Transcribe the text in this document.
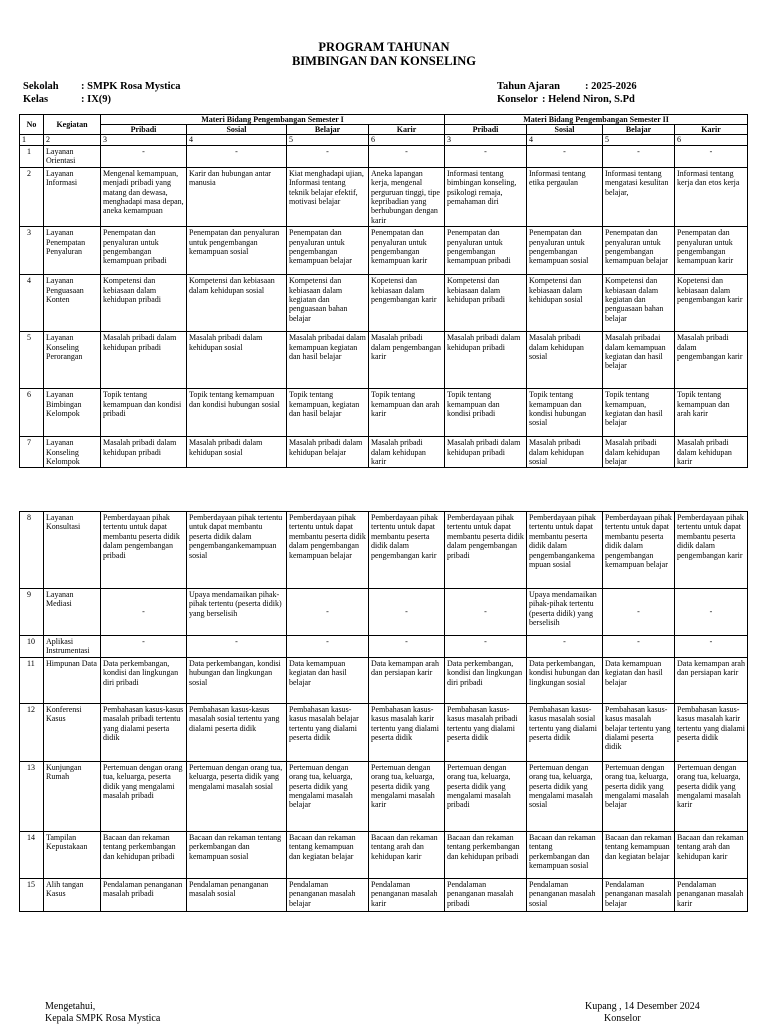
PROGRAM TAHUNAN
BIMBINGAN DAN KONSELING
Sekolah : SMPK Rosa Mystica
Kelas	: IX(9)
Tahun Ajaran : 2025-2026
Konselor : Helend Niron, S.Pd
No	Kegiatan	Materi Bidang Pengembangan Semester I				Materi Bidang Pengembangan Semester II			
		Pribadi	Sosial	Belajar	Karir	Pribadi	Sosial	Belajar	Karir
1	2	3	4	5	6	3	4	5	6
1	Layanan Orientasi	-	-	-	-	-	-	-	-
2	Layanan Informasi	Mengenal kemampuan, menjadi pribadi yang matang dan dewasa, menghadapi masa depan, aneka kemampuan	Karir dan hubungan antar manusia	Kiat menghadapi ujian, Informasi tentang teknik belajar efektif, motivasi belajar	Aneka lapangan kerja, mengenal perguruan tinggi, tipe kepribadian yang berhubungan dengan karir	Informasi tentang bimbingan konseling, psikologi remaja, pemahaman diri	Informasi tentang etika pergaulan	Informasi tentang mengatasi kesulitan belajar,	Informasi tentang kerja dan etos kerja
3	Layanan Penempatan Penyaluran	Penempatan dan penyaluran untuk pengembangan kemampuan pribadi	Penempatan dan penyaluran untuk pengembangan kemampuan sosial	Penempatan dan penyaluran untuk pengembangan kemampuan belajar	Penempatan dan penyaluran untuk pengembangan kemampuan karir	Penempatan dan penyaluran untuk pengembangan kemampuan pribadi	Penempatan dan penyaluran untuk pengembangan kemampuan sosial	Penempatan dan penyaluran untuk pengembangan kemampuan belajar	Penempatan dan penyaluran untuk pengembangan kemampuan karir
4	Layanan Penguasaan Konten	Kompetensi dan kebiasaan dalam kehidupan pribadi	Kompetensi dan kebiasaan dalam kehidupan sosial	Kompetensi dan kebiasaan dalam kegiatan dan penguasaan bahan belajar	Kopetensi dan kebiasaan dalam pengembangan karir	Kompetensi dan kebiasaan dalam kehidupan pribadi	Kompetensi dan kebiasaan dalam kehidupan sosial	Kompetensi dan kebiasaan dalam kegiatan dan penguasaan bahan belajar	Kopetensi dan kebiasaan dalam pengembangan karir
5	Layanan Konseling Perorangan	Masalah pribadi dalam kehidupan pribadi	Masalah pribadi dalam kehidupan sosial	Masalah pribadai dalam kemampuan kegiatan dan hasil belajar	Masalah pribadi dalam pengembangan karir	Masalah pribadi dalam kehidupan pribadi	Masalah pribadi dalam kehidupan sosial	Masalah pribadai dalam kemampuan kegiatan dan hasil belajar	Masalah pribadi dalam pengembangan karir
6	Layanan Bimbingan Kelompok	Topik tentang kemampuan dan kondisi pribadi	Topik tentang kemampuan dan kondisi hubungan sosial	Topik tentang kemampuan, kegiatan dan hasil belajar	Topik tentang kemampuan dan arah karir	Topik tentang kemampuan dan kondisi pribadi	Topik tentang kemampuan dan kondisi hubungan sosial	Topik tentang kemampuan, kegiatan dan hasil belajar	Topik tentang kemampuan dan arah karir
7	Layanan Konseling Kelompok	Masalah pribadi dalam kehidupan pribadi	Masalah pribadi dalam kehidupan sosial	Masalah pribadi dalam kehidupan belajar	Masalah pribadi dalam kehidupan karir	Masalah pribadi dalam kehidupan pribadi	Masalah pribadi dalam kehidupan sosial	Masalah pribadi dalam kehidupan belajar	Masalah pribadi dalam kehidupan karir
8	Layanan Konsultasi	Pemberdayaan pihak tertentu untuk dapat membantu peserta didik dalam pengembangan pribadi	Pemberdayaan pihak tertentu untuk dapat membantu peserta didik dalam pengembangankemampuan sosial	Pemberdayaan pihak tertentu untuk dapat membantu peserta didik dalam pengembangan kemampuan belajar	Pemberdayaan pihak tertentu untuk dapat membantu peserta didik dalam pengembangan karir	Pemberdayaan pihak tertentu untuk dapat membantu peserta didik dalam pengembangan pribadi	Pemberdayaan pihak tertentu untuk dapat membantu peserta didik dalam pengembangankema mpuan sosial	Pemberdayaan pihak tertentu untuk dapat membantu peserta didik dalam pengembangan kemampuan belajar	Pemberdayaan pihak tertentu untuk dapat membantu peserta didik dalam pengembangan karir
9	Layanan Mediasi	-	Upaya mendamaikan pihak-pihak tertentu (peserta didik) yang berselisih	-	-	-	Upaya mendamaikan pihak-pihak tertentu (peserta didik) yang berselisih	-	-
10	Aplikasi Instrumentasi	-	-	-	-	-	-	-	-
11	Himpunan Data	Data perkembangan, kondisi dan lingkungan diri pribadi	Data perkembangan, kondisi hubungan dan lingkungan sosial	Data kemampuan kegiatan dan hasil belajar	Data kemampan arah dan persiapan karir	Data perkembangan, kondisi dan lingkungan diri pribadi	Data perkembangan, kondisi hubungan dan lingkungan sosial	Data kemampuan kegiatan dan hasil belajar	Data kemampan arah dan persiapan karir
12	Konferensi Kasus	Pembahasan kasus-kasus masalah pribadi tertentu yang dialami peserta didik	Pembahasan kasus-kasus masalah sosial tertentu yang dialami peserta didik	Pembahasan kasus-kasus masalah belajar tertentu yang dialami peserta didik	Pembahasan kasus-kasus masalah karir tertentu yang dialami peserta didik	Pembahasan kasus-kasus masalah pribadi tertentu yang dialami peserta didik	Pembahasan kasus-kasus masalah sosial tertentu yang dialami peserta didik	Pembahasan kasus-kasus masalah belajar tertentu yang dialami peserta didik	Pembahasan kasus-kasus masalah karir tertentu yang dialami peserta didik
13	Kunjungan Rumah	Pertemuan dengan orang tua, keluarga, peserta didik yang mengalami masalah pribadi	Pertemuan dengan orang tua, keluarga, peserta didik yang mengalami masalah sosial	Pertemuan dengan orang tua, keluarga, peserta didik yang mengalami masalah belajar	Pertemuan dengan orang tua, keluarga, peserta didik yang mengalami masalah karir	Pertemuan dengan orang tua, keluarga, peserta didik yang mengalami masalah pribadi	Pertemuan dengan orang tua, keluarga, peserta didik yang mengalami masalah sosial	Pertemuan dengan orang tua, keluarga, peserta didik yang mengalami masalah belajar	Pertemuan dengan orang tua, keluarga, peserta didik yang mengalami masalah karir
14	Tampilan Kepustakaan	Bacaan dan rekaman tentang perkembangan dan kehidupan pribadi	Bacaan dan rekaman tentang perkembangan dan kemampuan sosial	Bacaan dan rekaman tentang kemampuan dan kegiatan belajar	Bacaan dan rekaman tentang arah dan kehidupan karir	Bacaan dan rekaman tentang perkembangan dan kehidupan pribadi	Bacaan dan rekaman tentang perkembangan dan kemampuan sosial	Bacaan dan rekaman tentang kemampuan dan kegiatan belajar	Bacaan dan rekaman tentang arah dan kehidupan karir
15	Alih tangan Kasus	Pendalaman penanganan masalah pribadi	Pendalaman penanganan masalah sosial	Pendalaman penanganan masalah belajar	Pendalaman penanganan masalah karir	Pendalaman penanganan masalah pribadi	Pendalaman penanganan masalah sosial	Pendalaman penanganan masalah belajar	Pendalaman penanganan masalah karir
Mengetahui,
Kepala SMPK Rosa Mystica
Kupang , 14 Desember 2024
Konselor
